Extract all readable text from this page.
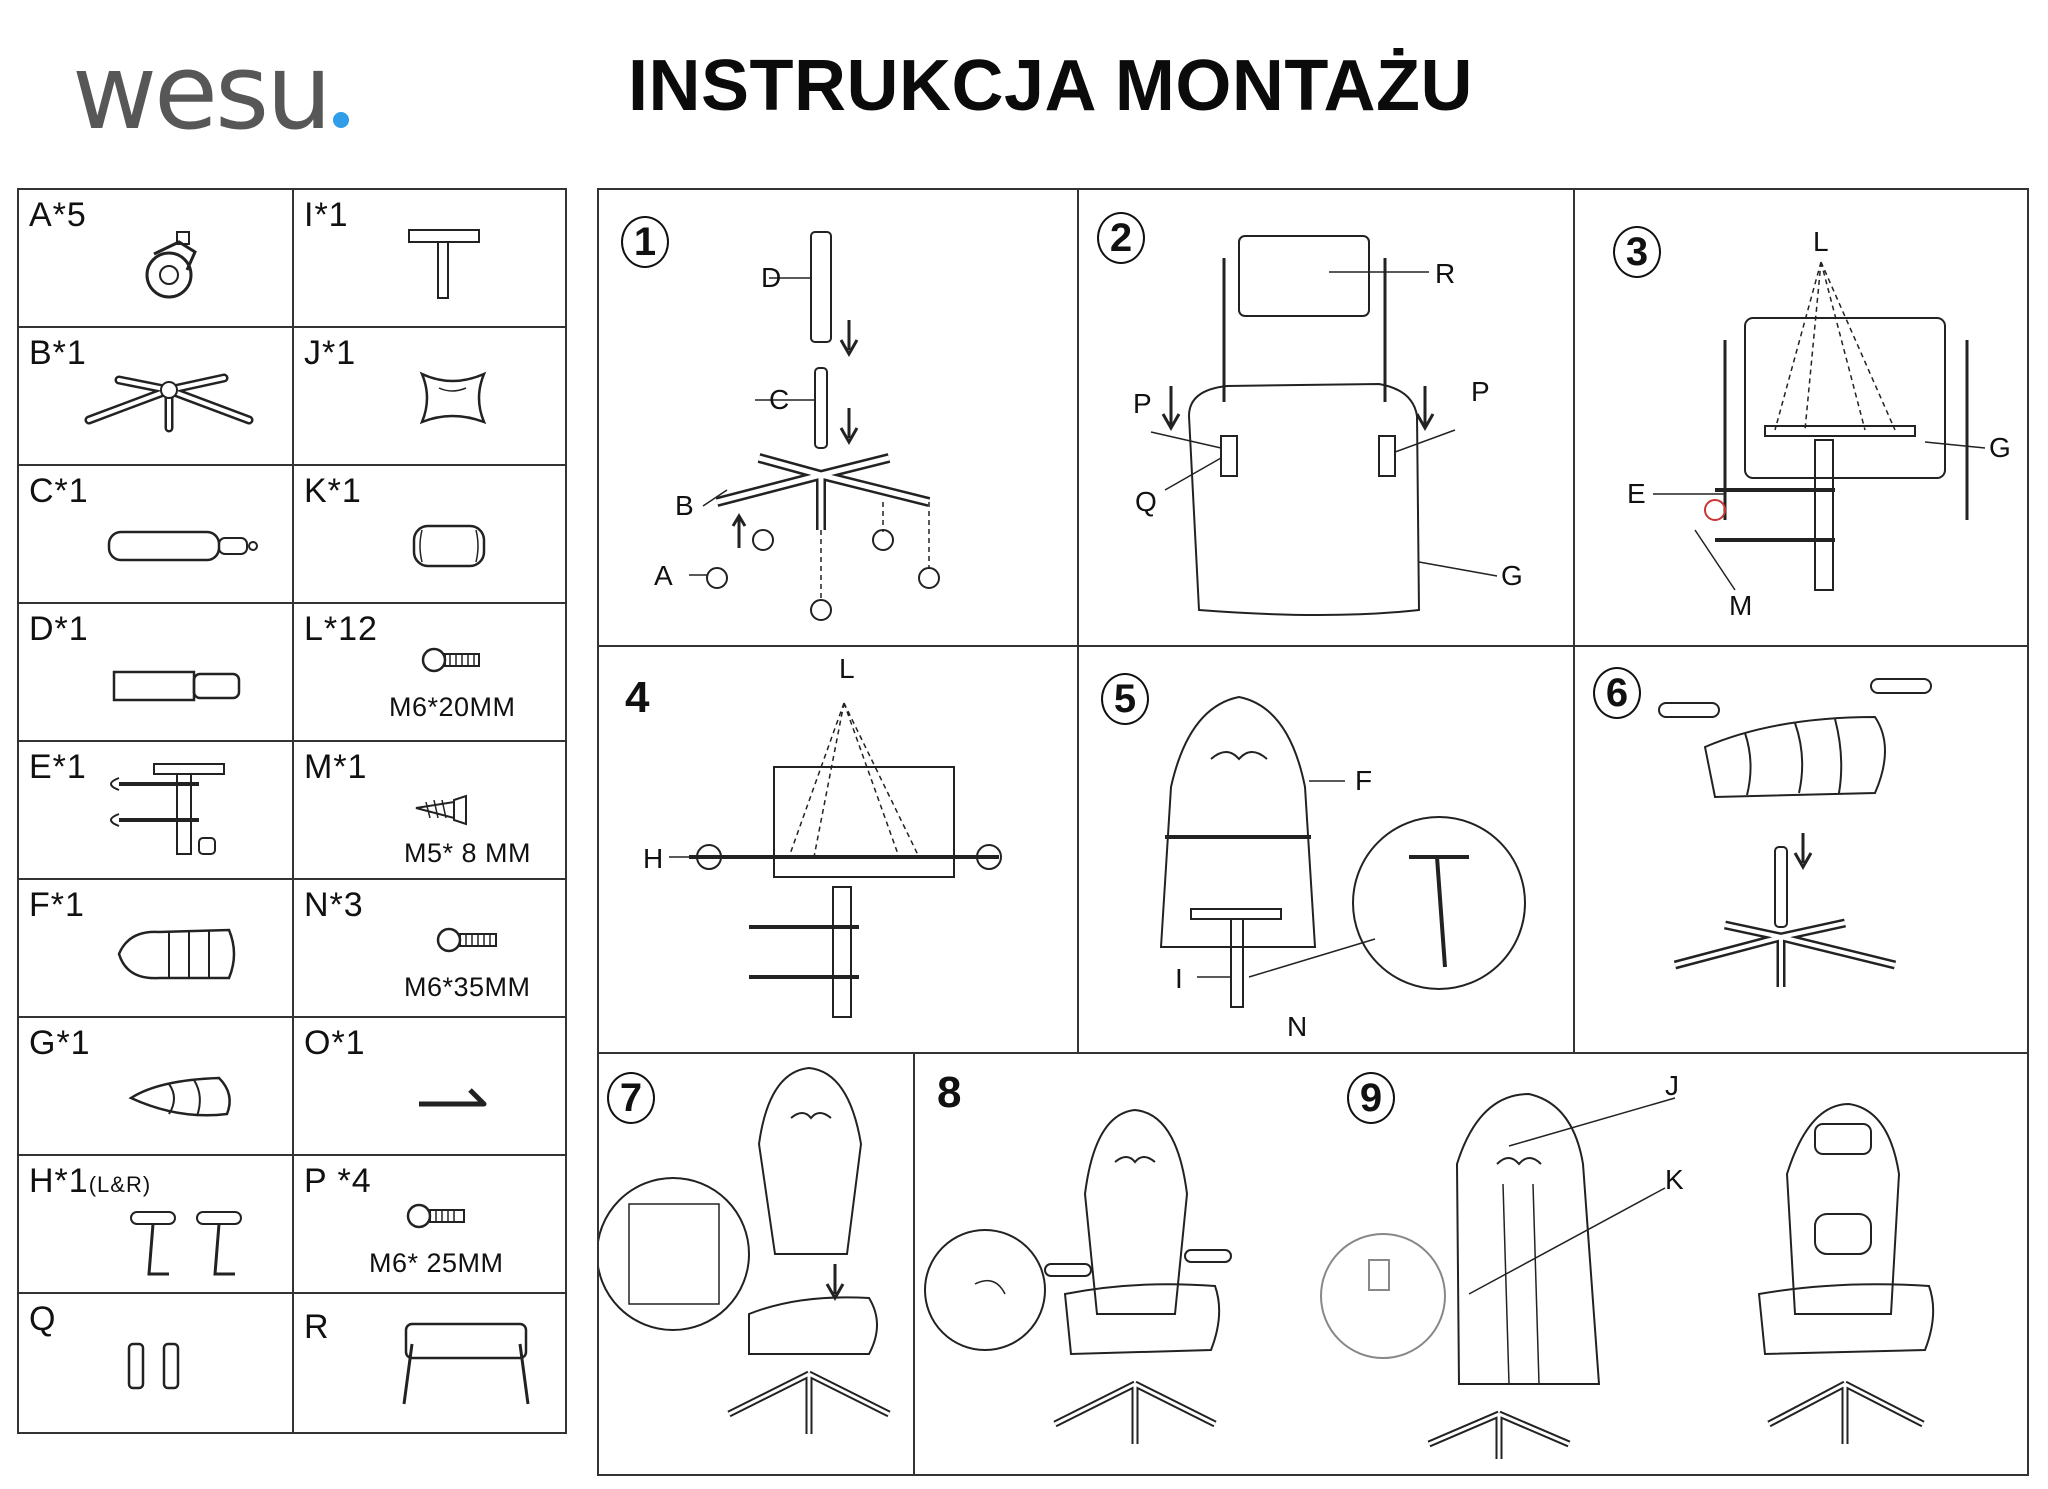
wesu	INSTRUKCJA MONTAŻU
A*5	I*1
B*1	J*1
C*1	K*1
D*1	L*12
M6*20MM
E*1	M*1
M5* 8 MM
F*1	N*3
M6*35MM
G*1	O*1
H*1(L&R)	P *4
M6* 25MM
Q	R
1
D
C
B
A
2
R
P	P
Q
G
3	L
G
E
M
4
L
H
5
F
I
N
6
7	8	9	J
K
